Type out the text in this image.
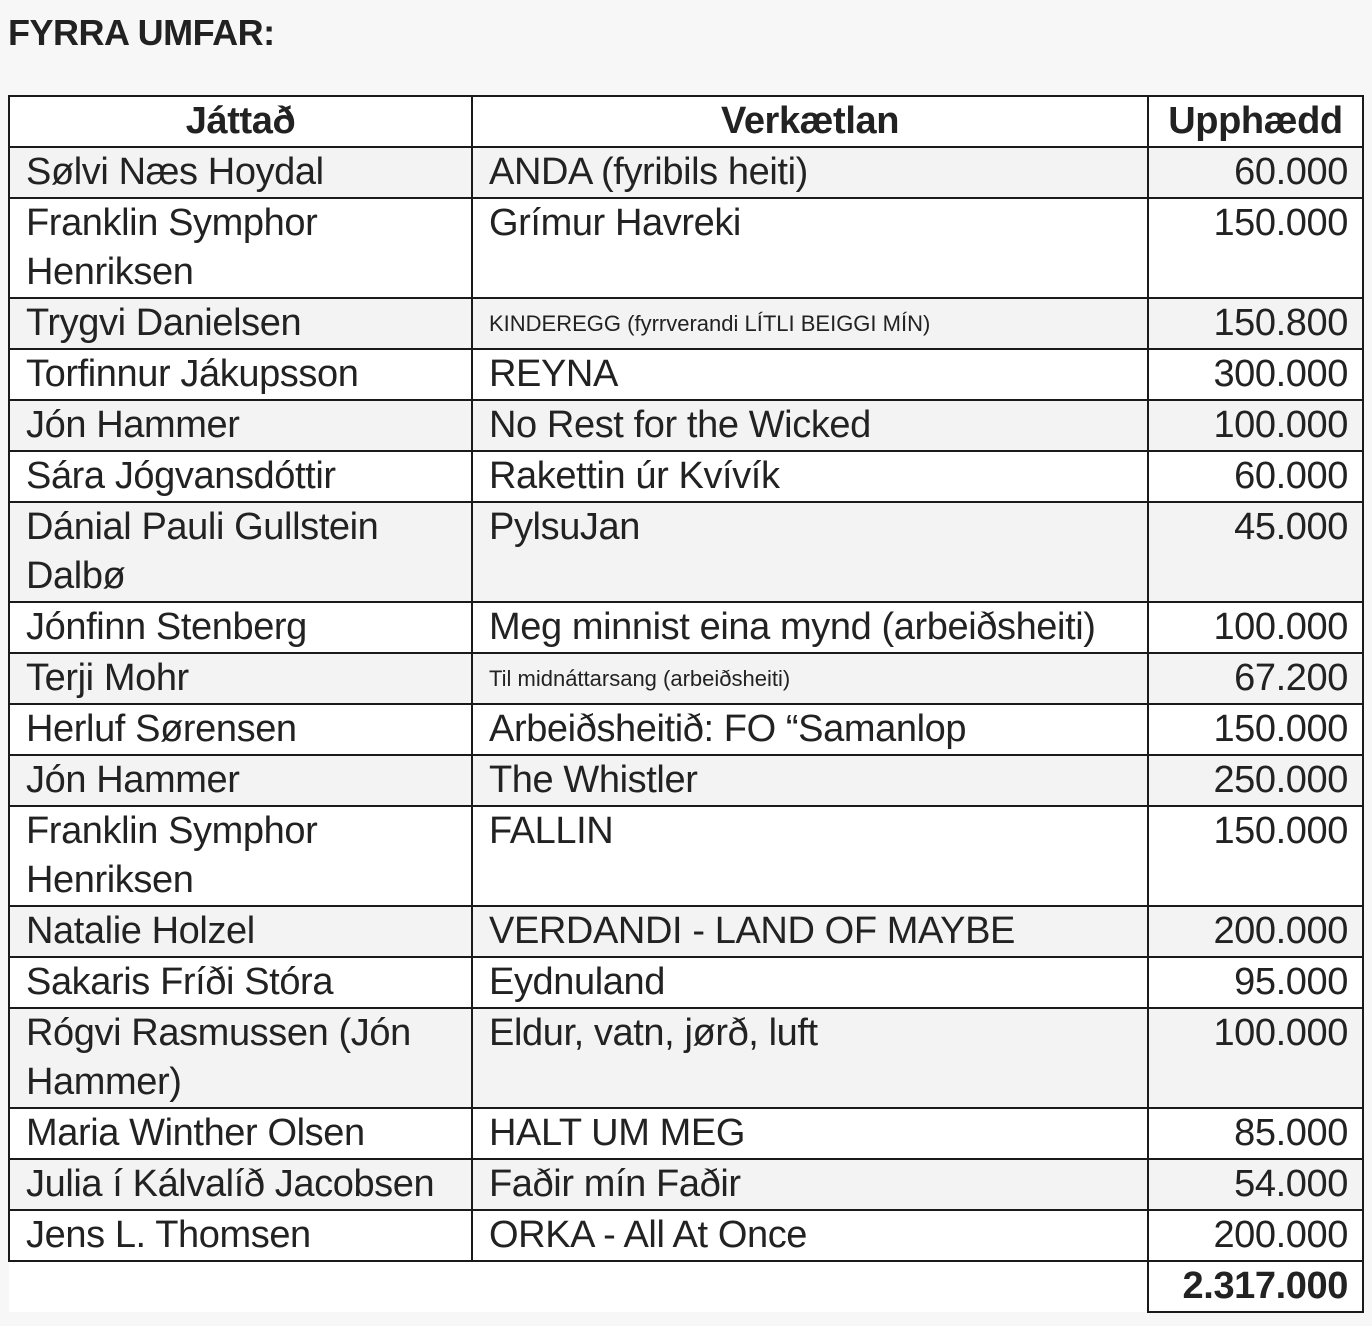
FYRRA UMFAR:
Játtað	Verkætlan	Upphædd
Sølvi Næs Hoydal	ANDA (fyribils heiti)	60.000
Franklin Symphor Henriksen	Grímur Havreki	150.000
Trygvi Danielsen	KINDEREGG (fyrrverandi LÍTLI BEIGGI MÍN)	150.800
Torfinnur Jákupsson	REYNA	300.000
Jón Hammer	No Rest for the Wicked	100.000
Sára Jógvansdóttir	Rakettin úr Kvívík	60.000
Dánial Pauli Gullstein Dalbø	PylsuJan	45.000
Jónfinn Stenberg	Meg minnist eina mynd (arbeiðsheiti)	100.000
Terji Mohr	Til midnáttarsang (arbeiðsheiti)	67.200
Herluf Sørensen	Arbeiðsheitið: FO “Samanlop	150.000
Jón Hammer	The Whistler	250.000
Franklin Symphor Henriksen	FALLIN	150.000
Natalie Holzel	VERDANDI - LAND OF MAYBE	200.000
Sakaris Fríði Stóra	Eydnuland	95.000
Rógvi Rasmussen (Jón Hammer)	Eldur, vatn, jørð, luft	100.000
Maria Winther Olsen	HALT UM MEG	85.000
Julia í Kálvalíð Jacobsen	Faðir mín Faðir	54.000
Jens L. Thomsen	ORKA - All At Once	200.000
		2.317.000
